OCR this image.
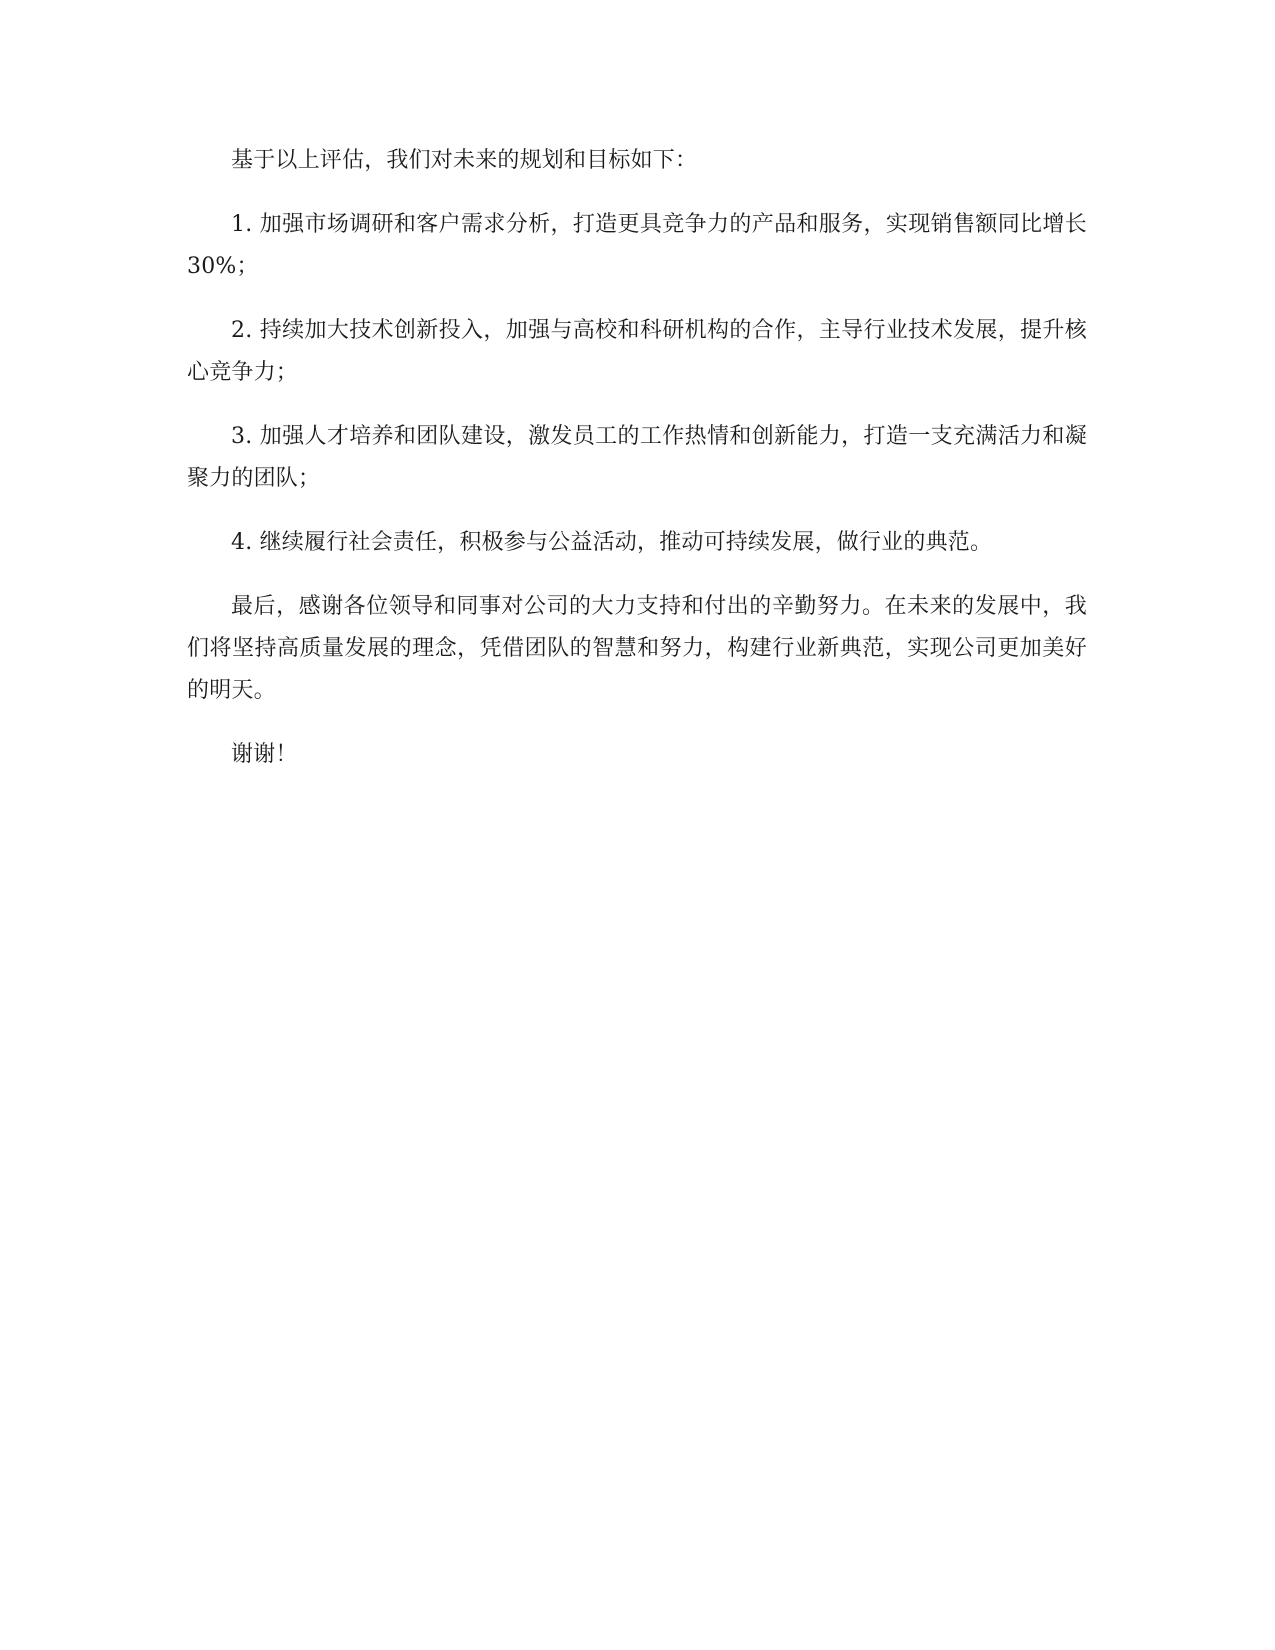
基于以上评估，我们对未来的规划和目标如下：

1. 加强市场调研和客户需求分析，打造更具竞争力的产品和服务，实现销售额同比增长 30%；

2. 持续加大技术创新投入，加强与高校和科研机构的合作，主导行业技术发展，提升核心竞争力；

3. 加强人才培养和团队建设，激发员工的工作热情和创新能力，打造一支充满活力和凝聚力的团队；

4. 继续履行社会责任，积极参与公益活动，推动可持续发展，做行业的典范。

最后，感谢各位领导和同事对公司的大力支持和付出的辛勤努力。在未来的发展中，我们将坚持高质量发展的理念，凭借团队的智慧和努力，构建行业新典范，实现公司更加美好的明天。

谢谢！
